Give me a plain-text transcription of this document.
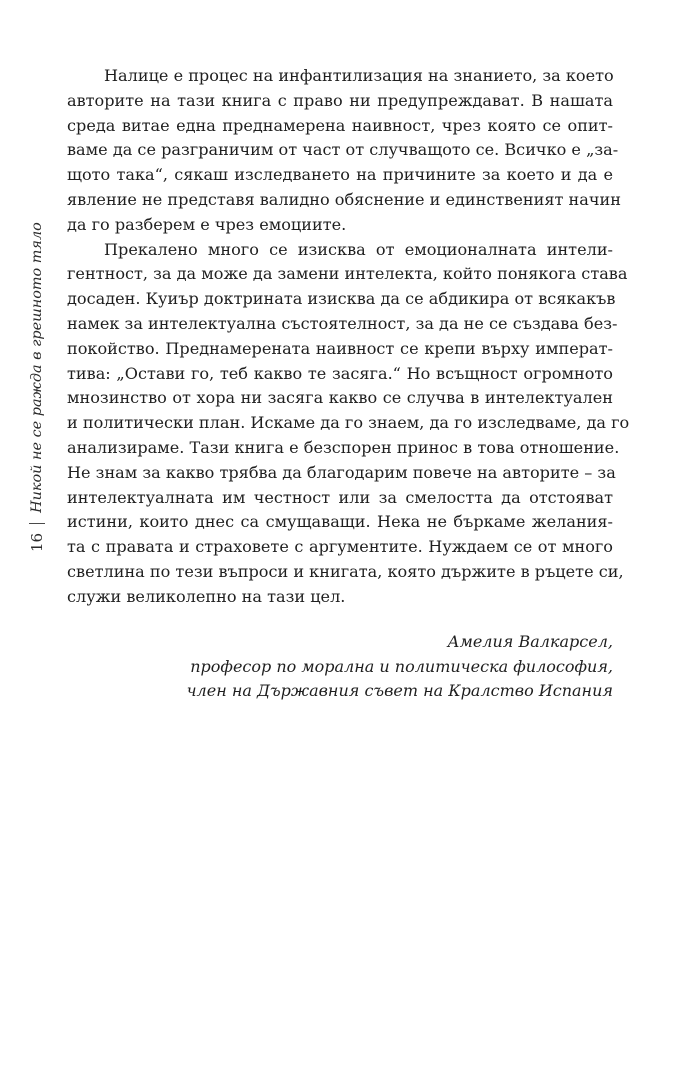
16
Никой не се ражда в грешното тяло
Налице е процес на инфантилизация на знанието, за което
авторите на тази книга с право ни предупреждават. В нашата
среда витае една преднамерена наивност, чрез която се опит-
ваме да се разграничим от част от случващото се. Всичко е „за-
щото така“, сякаш изследването на причините за което и да е
явление не представя валидно обяснение и единственият начин
да го разберем е чрез емоциите.
Прекалено много се изисква от емоционалната интели-
гентност, за да може да замени интелекта, който понякога става
досаден. Куиър доктрината изисква да се абдикира от всякакъв
намек за интелектуална състоятелност, за да не се създава без-
покойство. Преднамерената наивност се крепи върху императ-
тива: „Остави го, теб какво те засяга.“ Но всъщност огромното
мнозинство от хора ни засяга какво се случва в интелектуален
и политически план. Искаме да го знаем, да го изследваме, да го
анализираме. Тази книга е безспорен принос в това отношение.
Не знам за какво трябва да благодарим повече на авторите – за
интелектуалната им честност или за смелостта да отстояват
истини, които днес са смущаващи. Нека не бъркаме желания-
та с правата и страховете с аргументите. Нуждаем се от много
светлина по тези въпроси и книгата, която държите в ръцете си,
служи великолепно на тази цел.
Амелия Валкарсел,
професор по морална и политическа философия,
член на Държавния съвет на Кралство Испания
